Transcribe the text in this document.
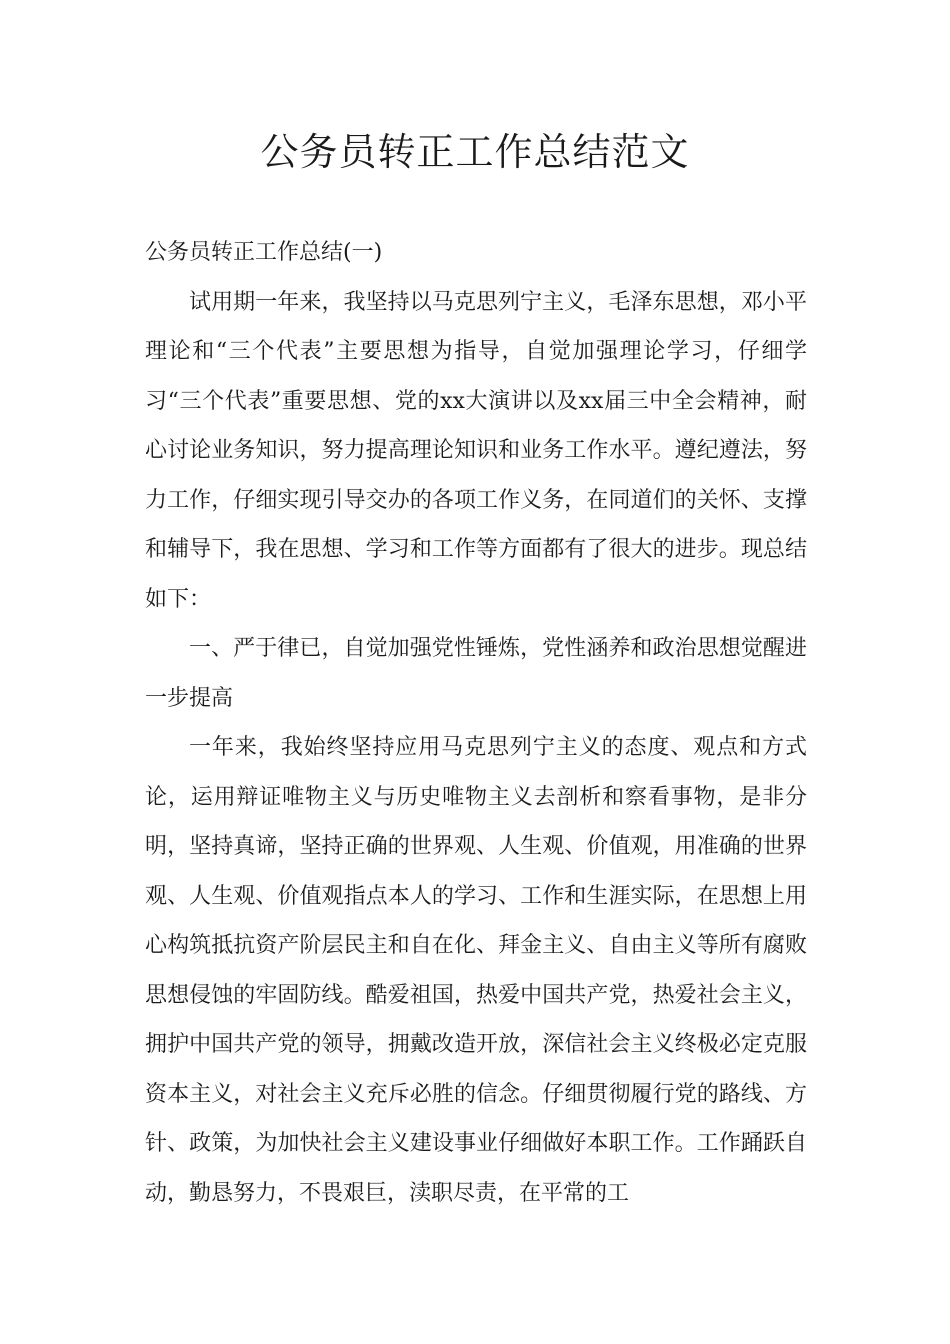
公务员转正工作总结范文

公务员转正工作总结(一)

试用期一年来，我坚持以马克思列宁主义，毛泽东思想，邓小平理论和“三个代表”主要思想为指导，自觉加强理论学习，仔细学习“三个代表”重要思想、党的xx大演讲以及xx届三中全会精神，耐心讨论业务知识，努力提高理论知识和业务工作水平。遵纪遵法，努力工作，仔细实现引导交办的各项工作义务，在同道们的关怀、支撑和辅导下，我在思想、学习和工作等方面都有了很大的进步。现总结如下：

一、严于律已，自觉加强党性锤炼，党性涵养和政治思想觉醒进一步提高

一年来，我始终坚持应用马克思列宁主义的态度、观点和方式论，运用辩证唯物主义与历史唯物主义去剖析和察看事物，是非分明，坚持真谛，坚持正确的世界观、人生观、价值观，用准确的世界观、人生观、价值观指点本人的学习、工作和生涯实际，在思想上用心构筑抵抗资产阶层民主和自在化、拜金主义、自由主义等所有腐败思想侵蚀的牢固防线。酷爱祖国，热爱中国共产党，热爱社会主义，拥护中国共产党的领导，拥戴改造开放，深信社会主义终极必定克服资本主义，对社会主义充斥必胜的信念。仔细贯彻履行党的路线、方针、政策，为加快社会主义建设事业仔细做好本职工作。工作踊跃自动，勤恳努力，不畏艰巨，渎职尽责，在平常的工
